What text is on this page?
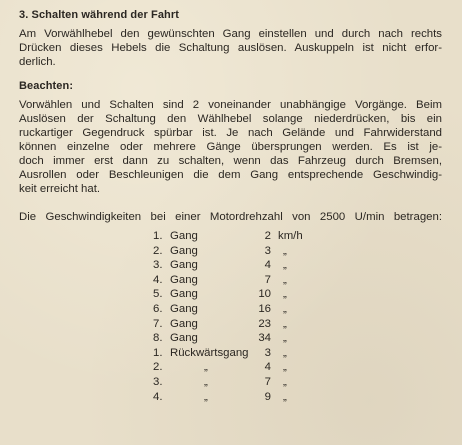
3. Schalten während der Fahrt
Am Vorwählhebel den gewünschten Gang einstellen und durch nach rechts
Drücken dieses Hebels die Schaltung auslösen. Auskuppeln ist nicht erfor-
derlich.
Beachten:
Vorwählen und Schalten sind 2 voneinander unabhängige Vorgänge. Beim
Auslösen der Schaltung den Wählhebel solange niederdrücken, bis ein
ruckartiger Gegendruck spürbar ist. Je nach Gelände und Fahrwiderstand
können einzelne oder mehrere Gänge übersprungen werden. Es ist je-
doch immer erst dann zu schalten, wenn das Fahrzeug durch Bremsen,
Ausrollen oder Beschleunigen die dem Gang entsprechende Geschwindig-
keit erreicht hat.
Die Geschwindigkeiten bei einer Motordrehzahl von 2500 U/min betragen:
1. Gang	2 km/h
2. Gang	3 „
3. Gang	4 „
4. Gang	7 „
5. Gang	10 „
6. Gang	16 „
7. Gang	23 „
8. Gang	34 „
1. Rückwärtsgang	3 „
2.	„	4 „
3.	„	7 „
4.	„	9 „
